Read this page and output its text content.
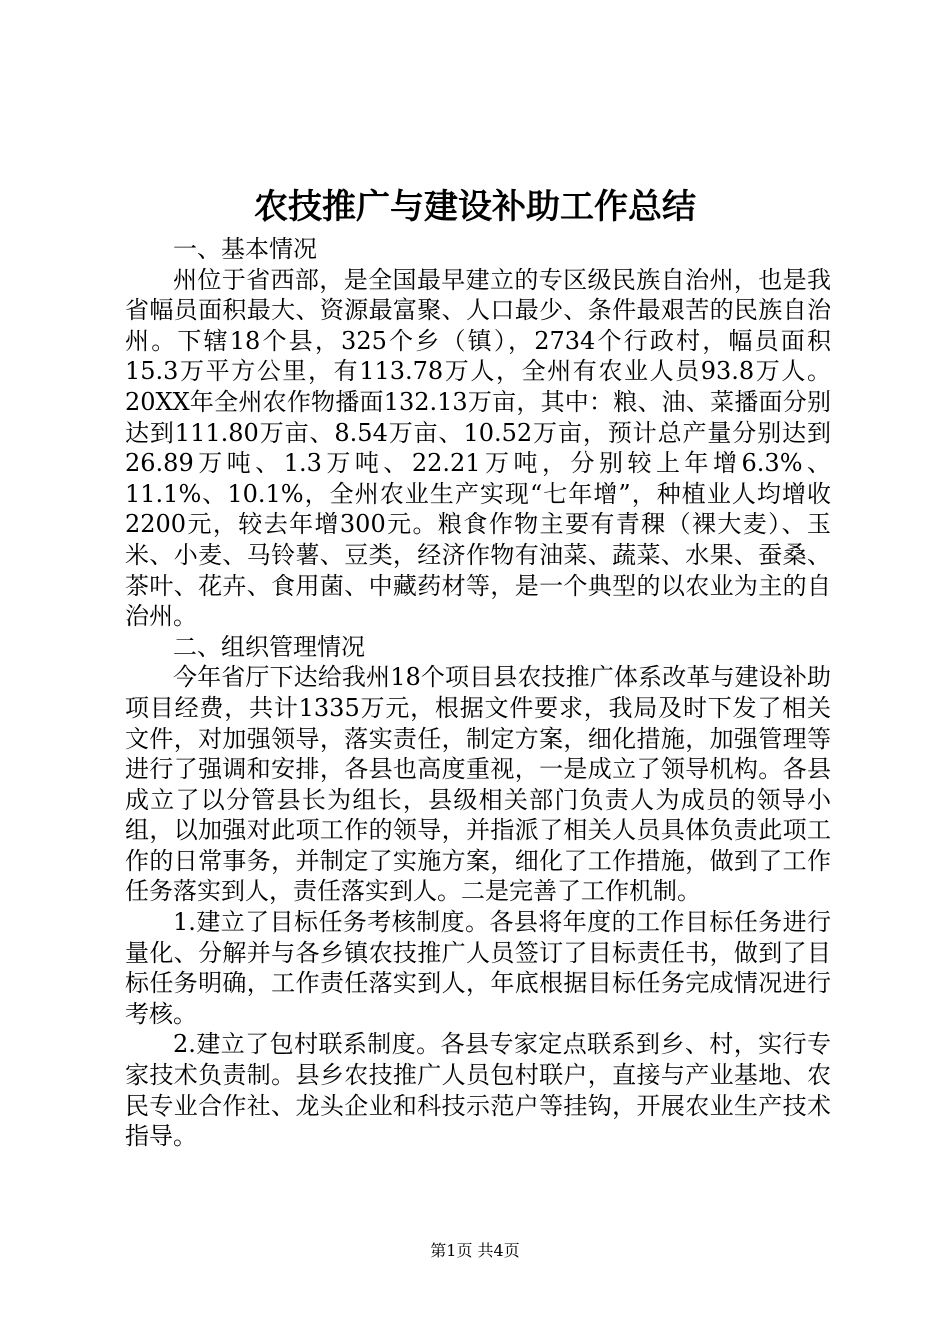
农技推广与建设补助工作总结

一、基本情况

州位于省西部，是全国最早建立的专区级民族自治州，也是我省幅员面积最大、资源最富聚、人口最少、条件最艰苦的民族自治州。下辖18个县，325个乡（镇），2734个行政村，幅员面积15.3万平方公里，有113.78万人，全州有农业人员93.8万人。20XX年全州农作物播面132.13万亩，其中：粮、油、菜播面分别达到111.80万亩、8.54万亩、10.52万亩，预计总产量分别达到26.89万吨、1.3万吨、22.21万吨，分别较上年增6.3%、11.1%、10.1%，全州农业生产实现“七年增”，种植业人均增收2200元，较去年增300元。粮食作物主要有青稞（裸大麦）、玉米、小麦、马铃薯、豆类，经济作物有油菜、蔬菜、水果、蚕桑、茶叶、花卉、食用菌、中藏药材等，是一个典型的以农业为主的自治州。

二、组织管理情况

今年省厅下达给我州18个项目县农技推广体系改革与建设补助项目经费，共计1335万元，根据文件要求，我局及时下发了相关文件，对加强领导，落实责任，制定方案，细化措施，加强管理等进行了强调和安排，各县也高度重视，一是成立了领导机构。各县成立了以分管县长为组长，县级相关部门负责人为成员的领导小组，以加强对此项工作的领导，并指派了相关人员具体负责此项工作的日常事务，并制定了实施方案，细化了工作措施，做到了工作任务落实到人，责任落实到人。二是完善了工作机制。

1.建立了目标任务考核制度。各县将年度的工作目标任务进行量化、分解并与各乡镇农技推广人员签订了目标责任书，做到了目标任务明确，工作责任落实到人，年底根据目标任务完成情况进行考核。

2.建立了包村联系制度。各县专家定点联系到乡、村，实行专家技术负责制。县乡农技推广人员包村联户，直接与产业基地、农民专业合作社、龙头企业和科技示范户等挂钩，开展农业生产技术指导。

第1页 共4页
